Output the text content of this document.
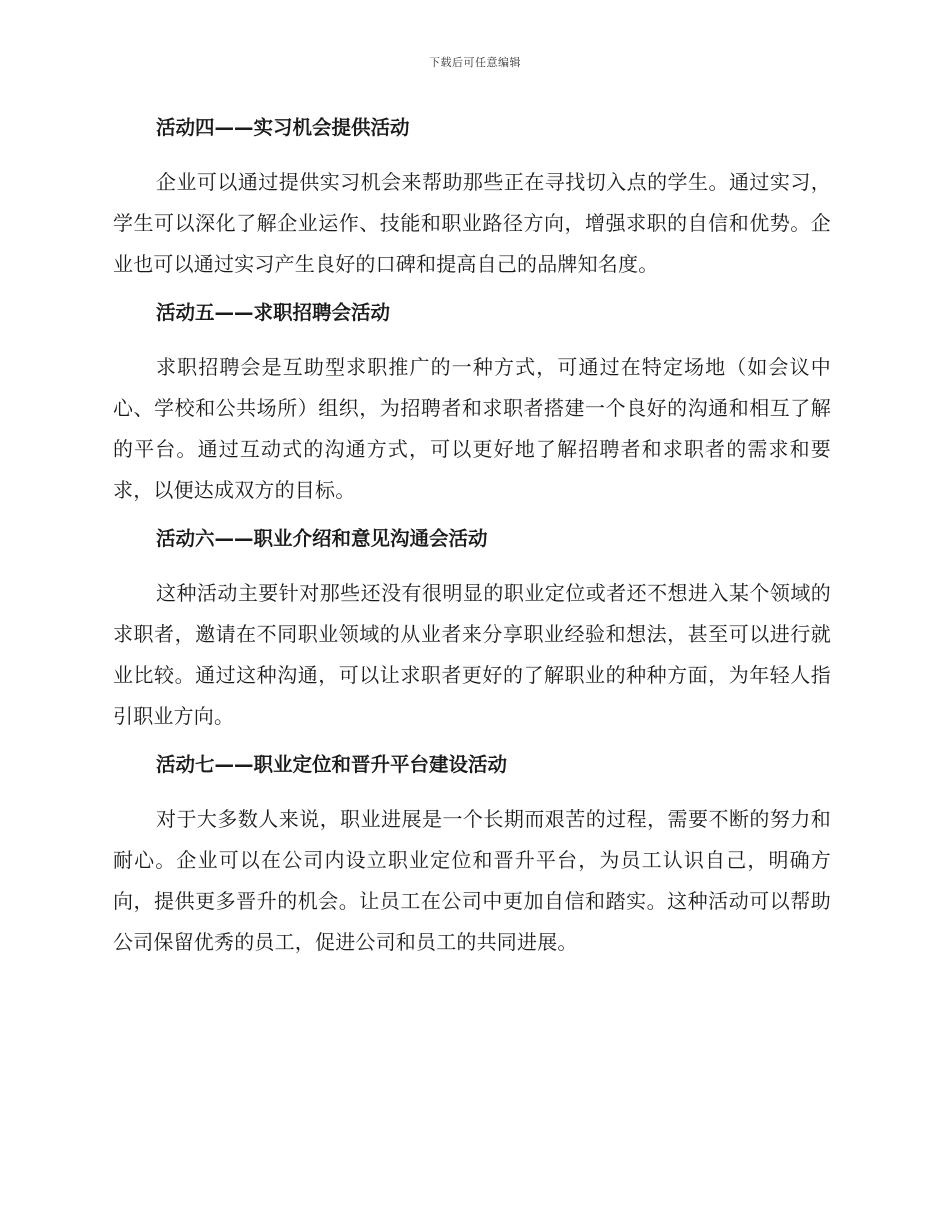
下载后可任意编辑
活动四——实习机会提供活动

企业可以通过提供实习机会来帮助那些正在寻找切入点的学生。通过实习，学生可以深化了解企业运作、技能和职业路径方向，增强求职的自信和优势。企业也可以通过实习产生良好的口碑和提高自己的品牌知名度。

活动五——求职招聘会活动

求职招聘会是互助型求职推广的一种方式，可通过在特定场地（如会议中心、学校和公共场所）组织，为招聘者和求职者搭建一个良好的沟通和相互了解的平台。通过互动式的沟通方式，可以更好地了解招聘者和求职者的需求和要求，以便达成双方的目标。

活动六——职业介绍和意见沟通会活动

这种活动主要针对那些还没有很明显的职业定位或者还不想进入某个领域的求职者，邀请在不同职业领域的从业者来分享职业经验和想法，甚至可以进行就业比较。通过这种沟通，可以让求职者更好的了解职业的种种方面，为年轻人指引职业方向。

活动七——职业定位和晋升平台建设活动

对于大多数人来说，职业进展是一个长期而艰苦的过程，需要不断的努力和耐心。企业可以在公司内设立职业定位和晋升平台，为员工认识自己，明确方向，提供更多晋升的机会。让员工在公司中更加自信和踏实。这种活动可以帮助公司保留优秀的员工，促进公司和员工的共同进展。
